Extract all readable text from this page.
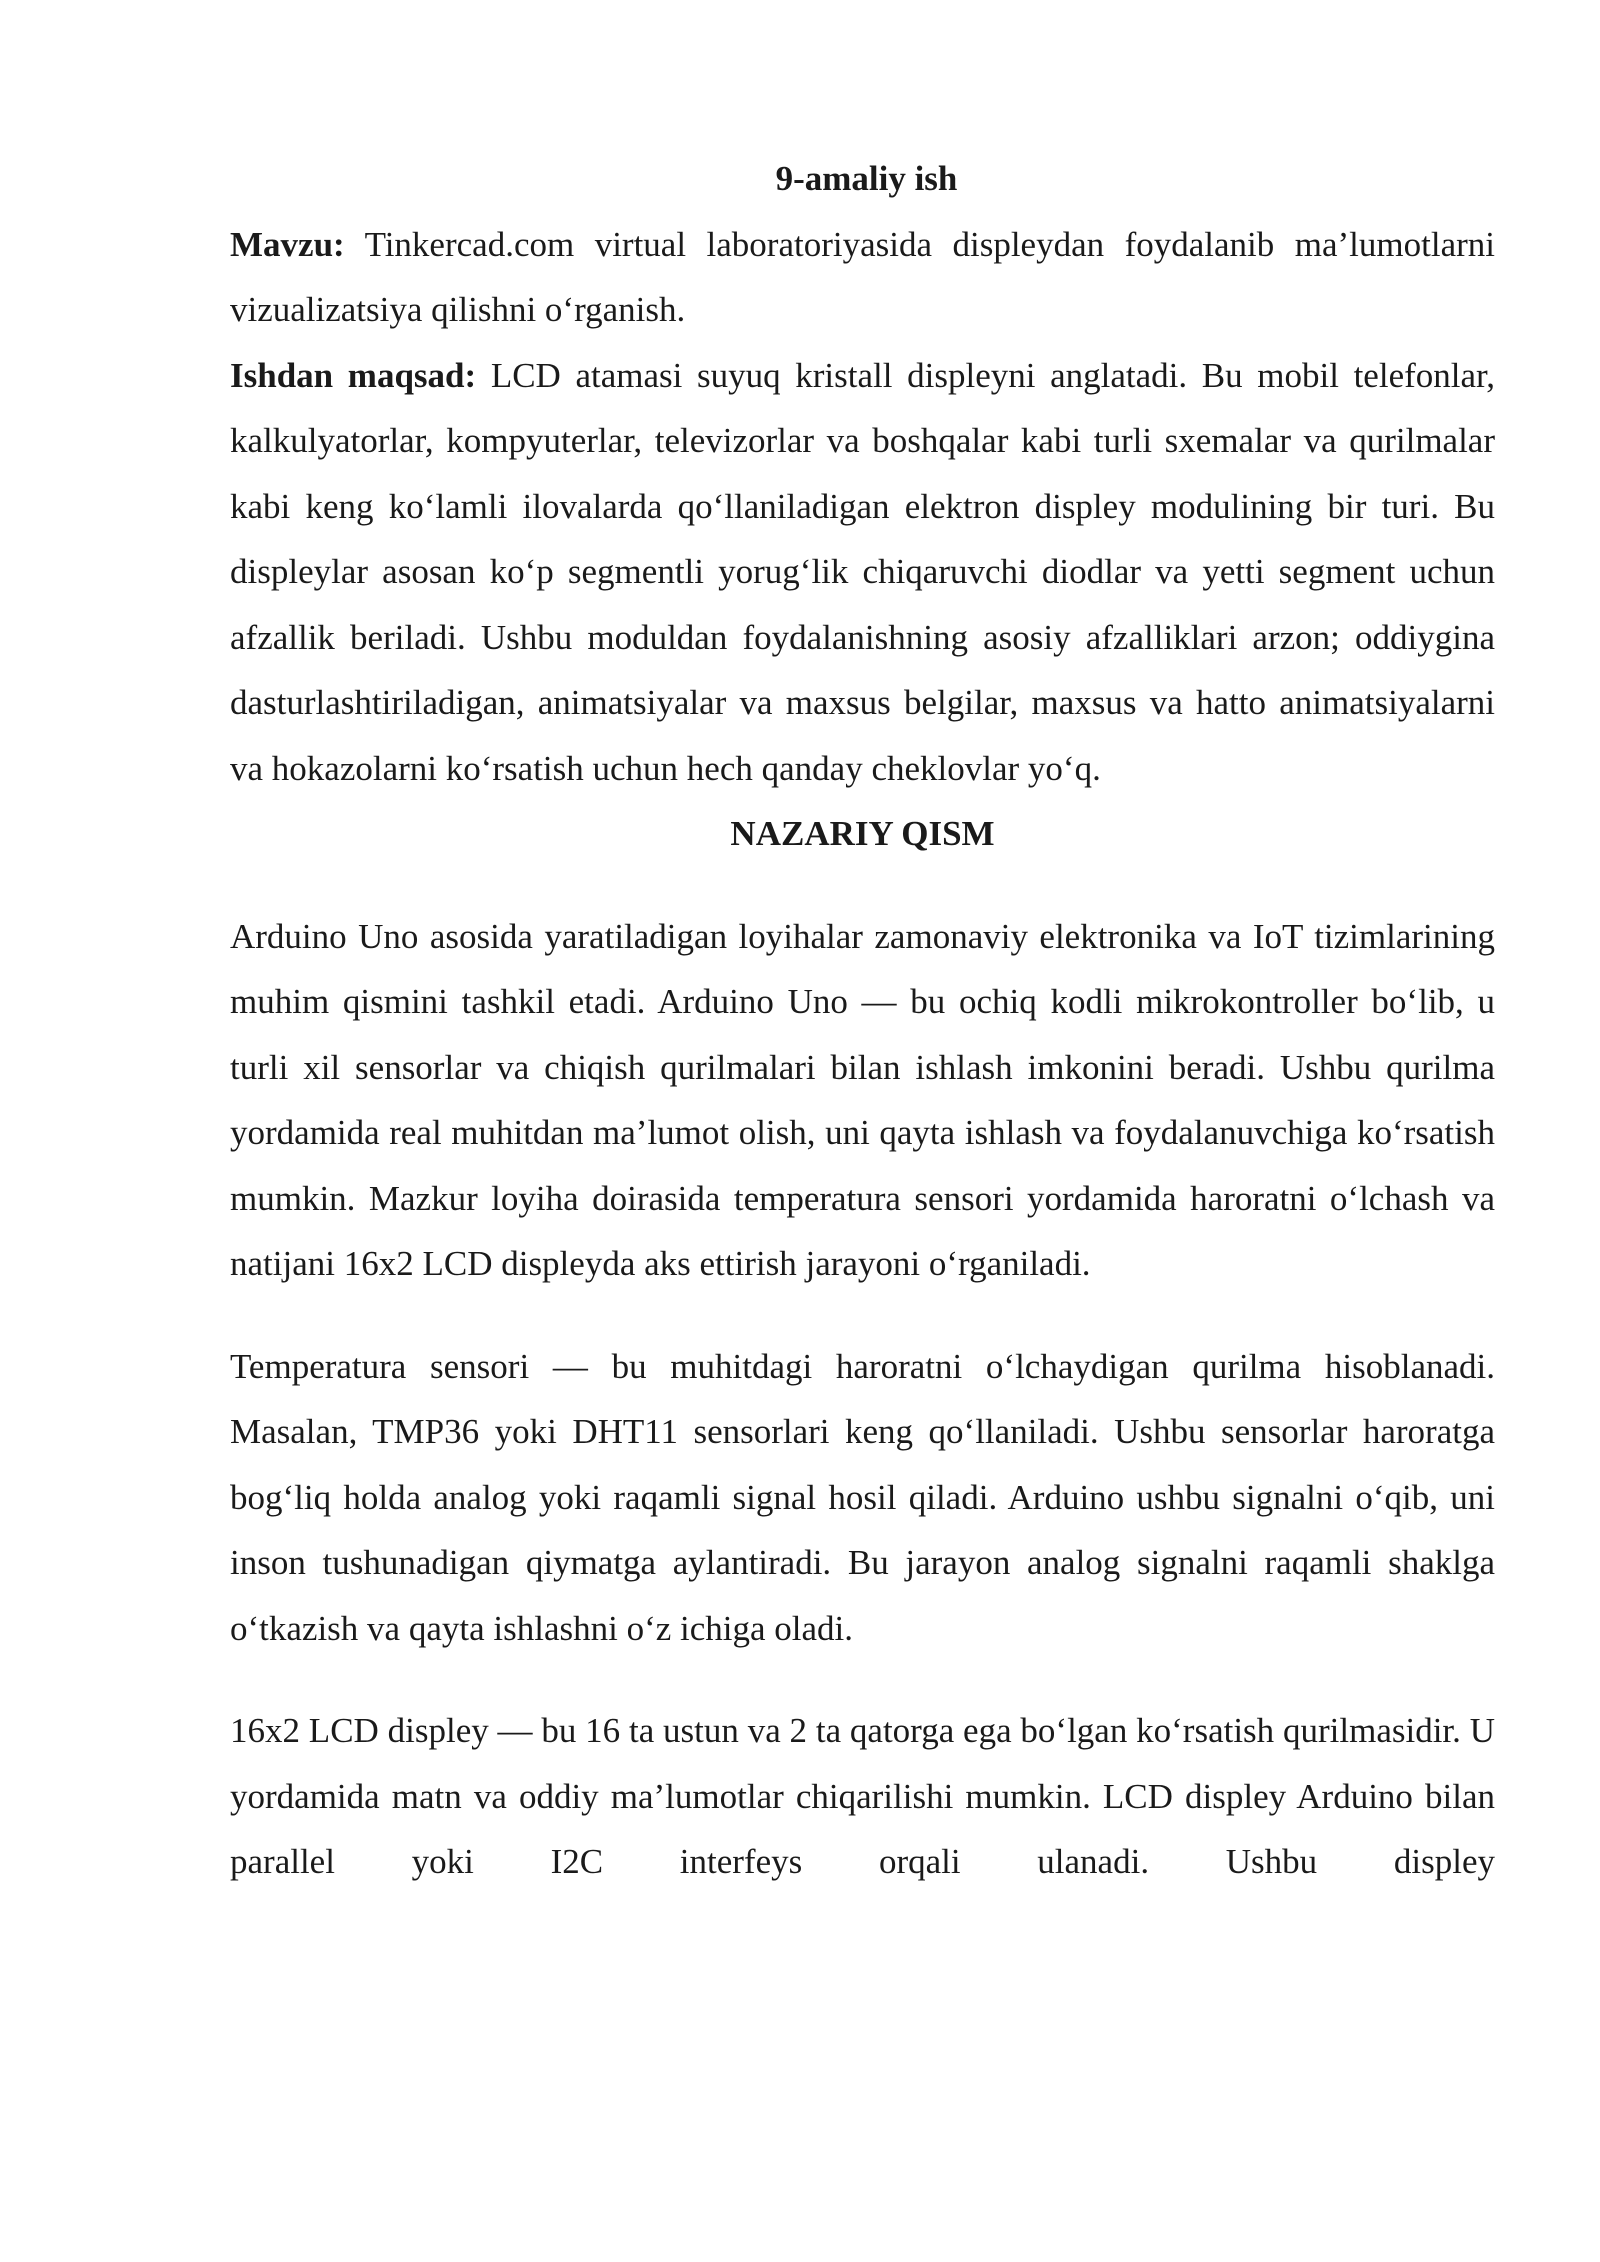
9-amaliy ish

Mavzu: Tinkercad.com virtual laboratoriyasida displeydan foydalanib ma’lumotlarni vizualizatsiya qilishni o‘rganish.

Ishdan maqsad: LCD atamasi suyuq kristall displeyni anglatadi. Bu mobil telefonlar, kalkulyatorlar, kompyuterlar, televizorlar va boshqalar kabi turli sxemalar va qurilmalar kabi keng ko‘lamli ilovalarda qo‘llaniladigan elektron displey modulining bir turi. Bu displeylar asosan ko‘p segmentli yorug‘lik chiqaruvchi diodlar va yetti segment uchun afzallik beriladi. Ushbu moduldan foydalanishning asosiy afzalliklari arzon; oddiygina dasturlashtiriladigan, animatsiyalar va maxsus belgilar, maxsus va hatto animatsiyalarni va hokazolarni ko‘rsatish uchun hech qanday cheklovlar yo‘q.

NAZARIY QISM

Arduino Uno asosida yaratiladigan loyihalar zamonaviy elektronika va IoT tizimlarining muhim qismini tashkil etadi. Arduino Uno — bu ochiq kodli mikrokontroller bo‘lib, u turli xil sensorlar va chiqish qurilmalari bilan ishlash imkonini beradi. Ushbu qurilma yordamida real muhitdan ma’lumot olish, uni qayta ishlash va foydalanuvchiga ko‘rsatish mumkin. Mazkur loyiha doirasida temperatura sensori yordamida haroratni o‘lchash va natijani 16x2 LCD displeyda aks ettirish jarayoni o‘rganiladi.

Temperatura sensori — bu muhitdagi haroratni o‘lchaydigan qurilma hisoblanadi. Masalan, TMP36 yoki DHT11 sensorlari keng qo‘llaniladi. Ushbu sensorlar haroratga bog‘liq holda analog yoki raqamli signal hosil qiladi. Arduino ushbu signalni o‘qib, uni inson tushunadigan qiymatga aylantiradi. Bu jarayon analog signalni raqamli shaklga o‘tkazish va qayta ishlashni o‘z ichiga oladi.

16x2 LCD displey — bu 16 ta ustun va 2 ta qatorga ega bo‘lgan ko‘rsatish qurilmasidir. U yordamida matn va oddiy ma’lumotlar chiqarilishi mumkin. LCD displey Arduino bilan parallel yoki I2C interfeys orqali ulanadi. Ushbu displey
